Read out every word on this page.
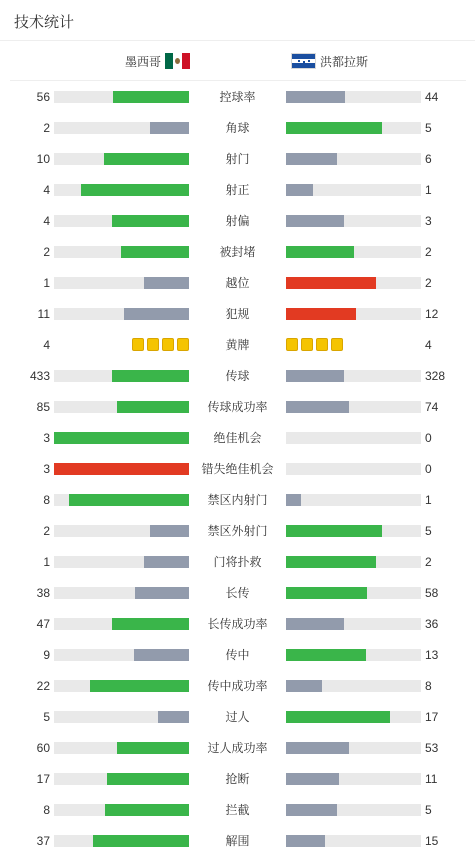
技术统计
墨西哥	洪都拉斯
56	控球率	44
2	角球	5
10	射门	6
4	射正	1
4	射偏	3
2	被封堵	2
1	越位	2
11	犯规	12
4	黄牌	4
433	传球	328
85	传球成功率	74
3	绝佳机会	0
3	错失绝佳机会	0
8	禁区内射门	1
2	禁区外射门	5
1	门将扑救	2
38	长传	58
47	长传成功率	36
9	传中	13
22	传中成功率	8
5	过人	17
60	过人成功率	53
17	抢断	11
8	拦截	5
37	解围	15
